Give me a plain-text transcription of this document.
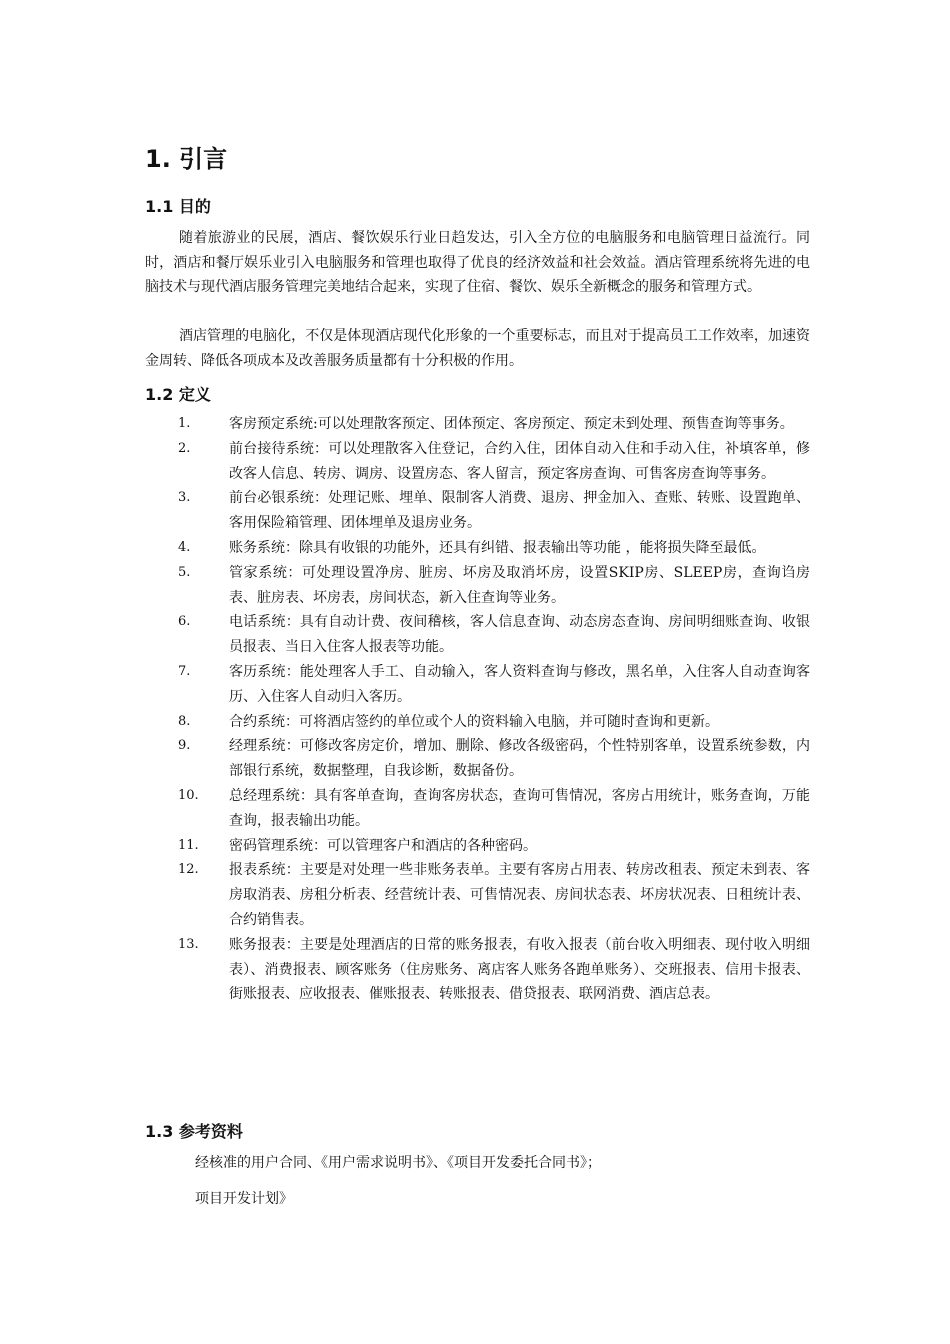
1. 引言
1.1 目的

随着旅游业的民展，酒店、餐饮娱乐行业日趋发达，引入全方位的电脑服务和电脑管理日益流行。同时，酒店和餐厅娱乐业引入电脑服务和管理也取得了优良的经济效益和社会效益。酒店管理系统将先进的电脑技术与现代酒店服务管理完美地结合起来，实现了住宿、餐饮、娱乐全新概念的服务和管理方式。

酒店管理的电脑化，不仅是体现酒店现代化形象的一个重要标志，而且对于提高员工工作效率，加速资金周转、降低各项成本及改善服务质量都有十分积极的作用。

1.2 定义
1.	客房预定系统:可以处理散客预定、团体预定、客房预定、预定未到处理、预售查询等事务。
2.	前台接待系统：可以处理散客入住登记，合约入住，团体自动入住和手动入住，补填客单，修改客人信息、转房、调房、设置房态、客人留言，预定客房查询、可售客房查询等事务。
3.	前台必银系统：处理记账、埋单、限制客人消费、退房、押金加入、查账、转账、设置跑单、客用保险箱管理、团体埋单及退房业务。
4.	账务系统：除具有收银的功能外，还具有纠错、报表输出等功能 ，能将损失降至最低。
5.	管家系统：可处理设置净房、脏房、坏房及取消坏房，设置SKIP房、SLEEP房，查询诌房表、脏房表、坏房表，房间状态，新入住查询等业务。
6.	电话系统：具有自动计费、夜间稽核，客人信息查询、动态房态查询、房间明细账查询、收银员报表、当日入住客人报表等功能。
7.	客历系统：能处理客人手工、自动输入，客人资料查询与修改，黑名单，入住客人自动查询客历、入住客人自动归入客历。
8.	合约系统：可将酒店签约的单位或个人的资料输入电脑，并可随时查询和更新。
9.	经理系统：可修改客房定价，增加、删除、修改各级密码，个性特别客单，设置系统参数，内部银行系统，数据整理，自我诊断，数据备份。
10. 总经理系统：具有客单查询，查询客房状态，查询可售情况，客房占用统计，账务查询，万能查询，报表输出功能。
11. 密码管理系统：可以管理客户和酒店的各种密码。
12. 报表系统：主要是对处理一些非账务表单。主要有客房占用表、转房改租表、预定未到表、客房取消表、房租分析表、经营统计表、可售情况表、房间状态表、坏房状况表、日租统计表、合约销售表。
13. 账务报表：主要是处理酒店的日常的账务报表，有收入报表（前台收入明细表、现付收入明细表）、消费报表、顾客账务（住房账务、离店客人账务各跑单账务）、交班报表、信用卡报表、街账报表、应收报表、催账报表、转账报表、借贷报表、联网消费、酒店总表。
1.3 参考资料

经核准的用户合同、《用户需求说明书》、《项目开发委托合同书》；

项目开发计划》
